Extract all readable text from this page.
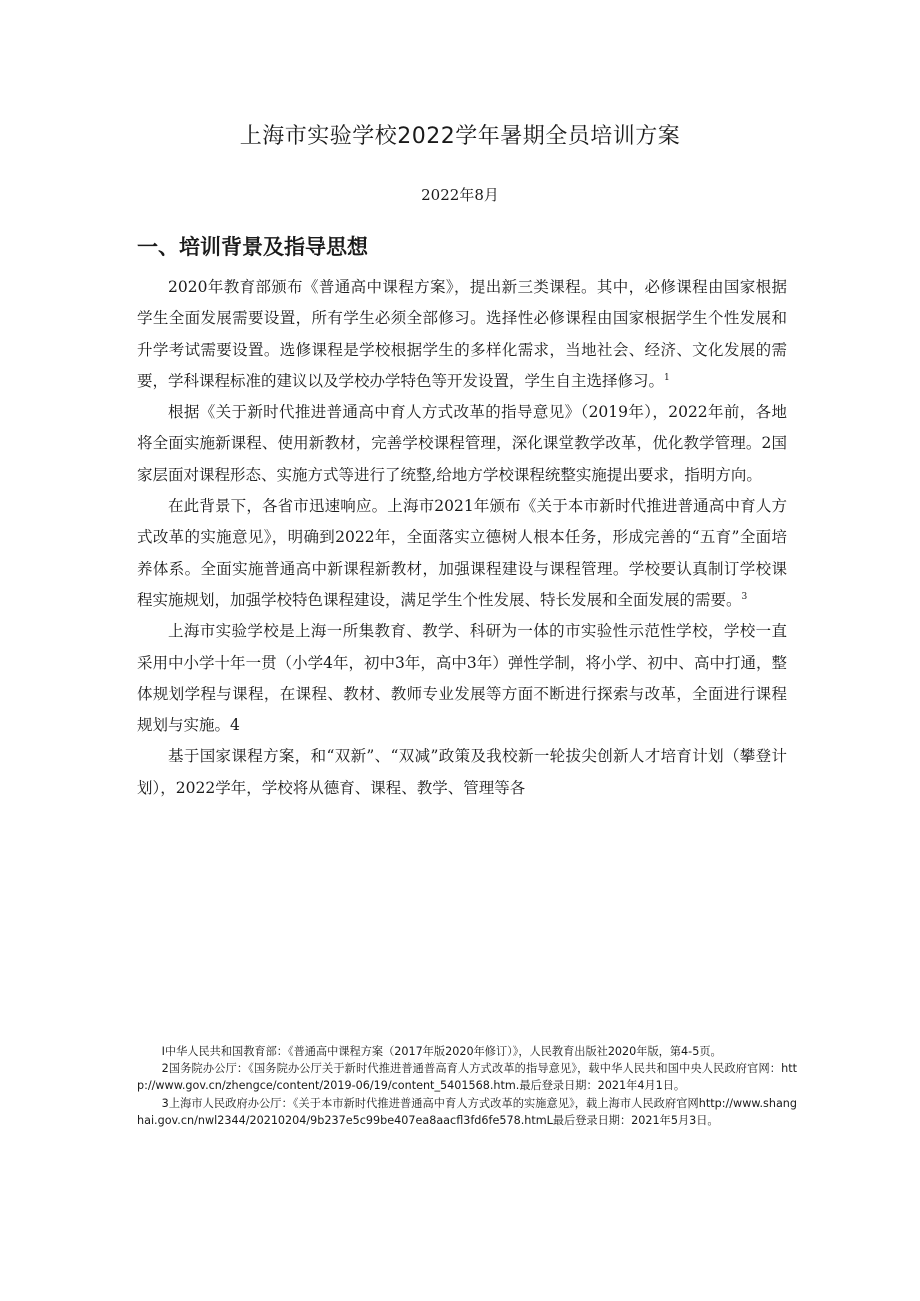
上海市实验学校2022学年暑期全员培训方案
2022年8月
一、培训背景及指导思想

2020年教育部颁布《普通高中课程方案》，提出新三类课程。其中，必修课程由国家根据学生全面发展需要设置，所有学生必须全部修习。选择性必修课程由国家根据学生个性发展和升学考试需要设置。选修课程是学校根据学生的多样化需求，当地社会、经济、文化发展的需要，学科课程标准的建议以及学校办学特色等开发设置，学生自主选择修习。$^1$

根据《关于新时代推进普通高中育人方式改革的指导意见》（2019年），2022年前，各地将全面实施新课程、使用新教材，完善学校课程管理，深化课堂教学改革，优化教学管理。2国家层面对课程形态、实施方式等进行了统整,给地方学校课程统整实施提出要求，指明方向。

在此背景下，各省市迅速响应。上海市2021年颁布《关于本市新时代推进普通高中育人方式改革的实施意见》，明确到2022年，全面落实立德树人根本任务，形成完善的“五育”全面培养体系。全面实施普通高中新课程新教材，加强课程建设与课程管理。学校要认真制订学校课程实施规划，加强学校特色课程建设，满足学生个性发展、特长发展和全面发展的需要。$^3$

上海市实验学校是上海一所集教育、教学、科研为一体的市实验性示范性学校，学校一直采用中小学十年一贯（小学4年，初中3年，高中3年）弹性学制，将小学、初中、高中打通，整体规划学程与课程，在课程、教材、教师专业发展等方面不断进行探索与改革，全面进行课程规划与实施。4

基于国家课程方案，和“双新”、“双减”政策及我校新一轮拔尖创新人才培育计划（攀登计划），2022学年，学校将从德育、课程、教学、管理等各

I中华人民共和国教育部：《普通高中课程方案（2017年版2020年修订）》，人民教育出版社2020年版，第4-5页。

2国务院办公厅：《国务院办公厅关于新时代推进普通普高育人方式改革的指导意见》，载中华人民共和国中央人民政府官网：http://www.gov.cn/zhengce/content/2019-06/19/content_5401568.htm.最后登录日期：2021年4月1日。

3上海市人民政府办公厅：《关于本市新时代推进普通高中育人方式改革的实施意见》，载上海市人民政府官网http://www.shanghai.gov.cn/nwl2344/20210204/9b237e5c99be407ea8aacfl3fd6fe578.htmL最后登录日期：2021年5月3日。
